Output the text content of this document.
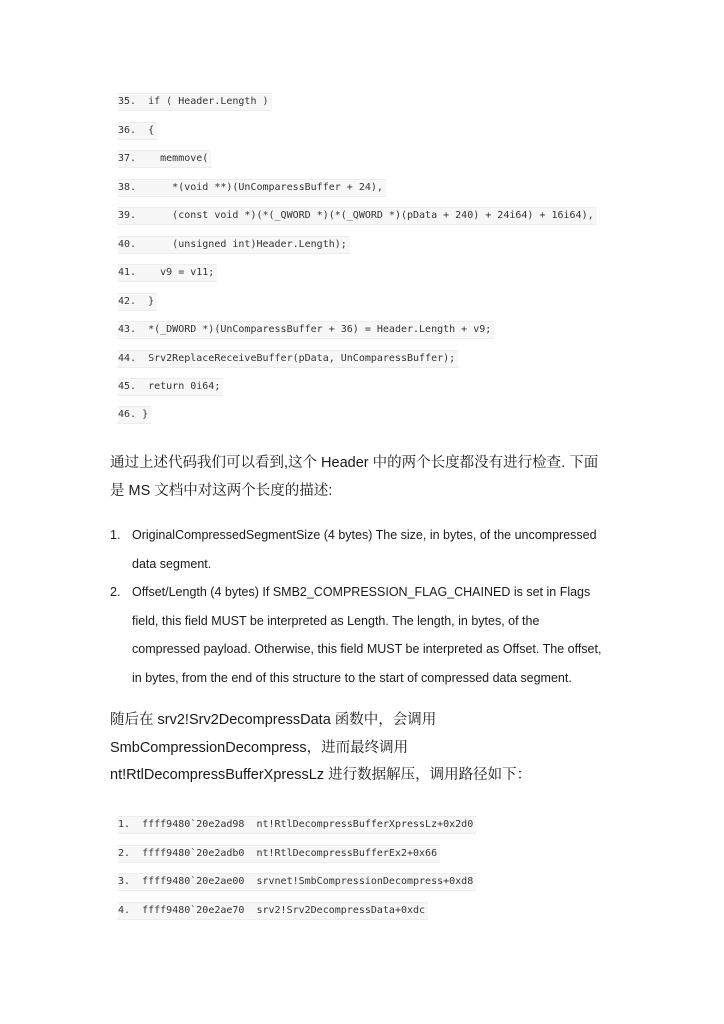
35.  if ( Header.Length )
36.  {
37.    memmove(
38.      *(void **)(UnComparessBuffer + 24),
39.      (const void *)(*(_QWORD *)(*(_QWORD *)(pData + 240) + 24i64) + 16i64),
40.      (unsigned int)Header.Length);
41.    v9 = v11;
42.  }
43.  *(_DWORD *)(UnComparessBuffer + 36) = Header.Length + v9;
44.  Srv2ReplaceReceiveBuffer(pData, UnComparessBuffer);
45.  return 0i64;
46. }
通过上述代码我们可以看到,这个 Header 中的两个长度都没有进行检查. 下面
是 MS 文档中对这两个长度的描述:
1. OriginalCompressedSegmentSize (4 bytes) The size, in bytes, of the uncompressed
data segment.
2. Offset/Length (4 bytes) If SMB2_COMPRESSION_FLAG_CHAINED is set in Flags
field, this field MUST be interpreted as Length. The length, in bytes, of the
compressed payload. Otherwise, this field MUST be interpreted as Offset. The offset,
in bytes, from the end of this structure to the start of compressed data segment.
随后在 srv2!Srv2DecompressData 函数中，会调用
SmbCompressionDecompress，进而最终调用
nt!RtlDecompressBufferXpressLz 进行数据解压，调用路径如下：
1.  ffff9480`20e2ad98  nt!RtlDecompressBufferXpressLz+0x2d0
2.  ffff9480`20e2adb0  nt!RtlDecompressBufferEx2+0x66
3.  ffff9480`20e2ae00  srvnet!SmbCompressionDecompress+0xd8
4.  ffff9480`20e2ae70  srv2!Srv2DecompressData+0xdc
